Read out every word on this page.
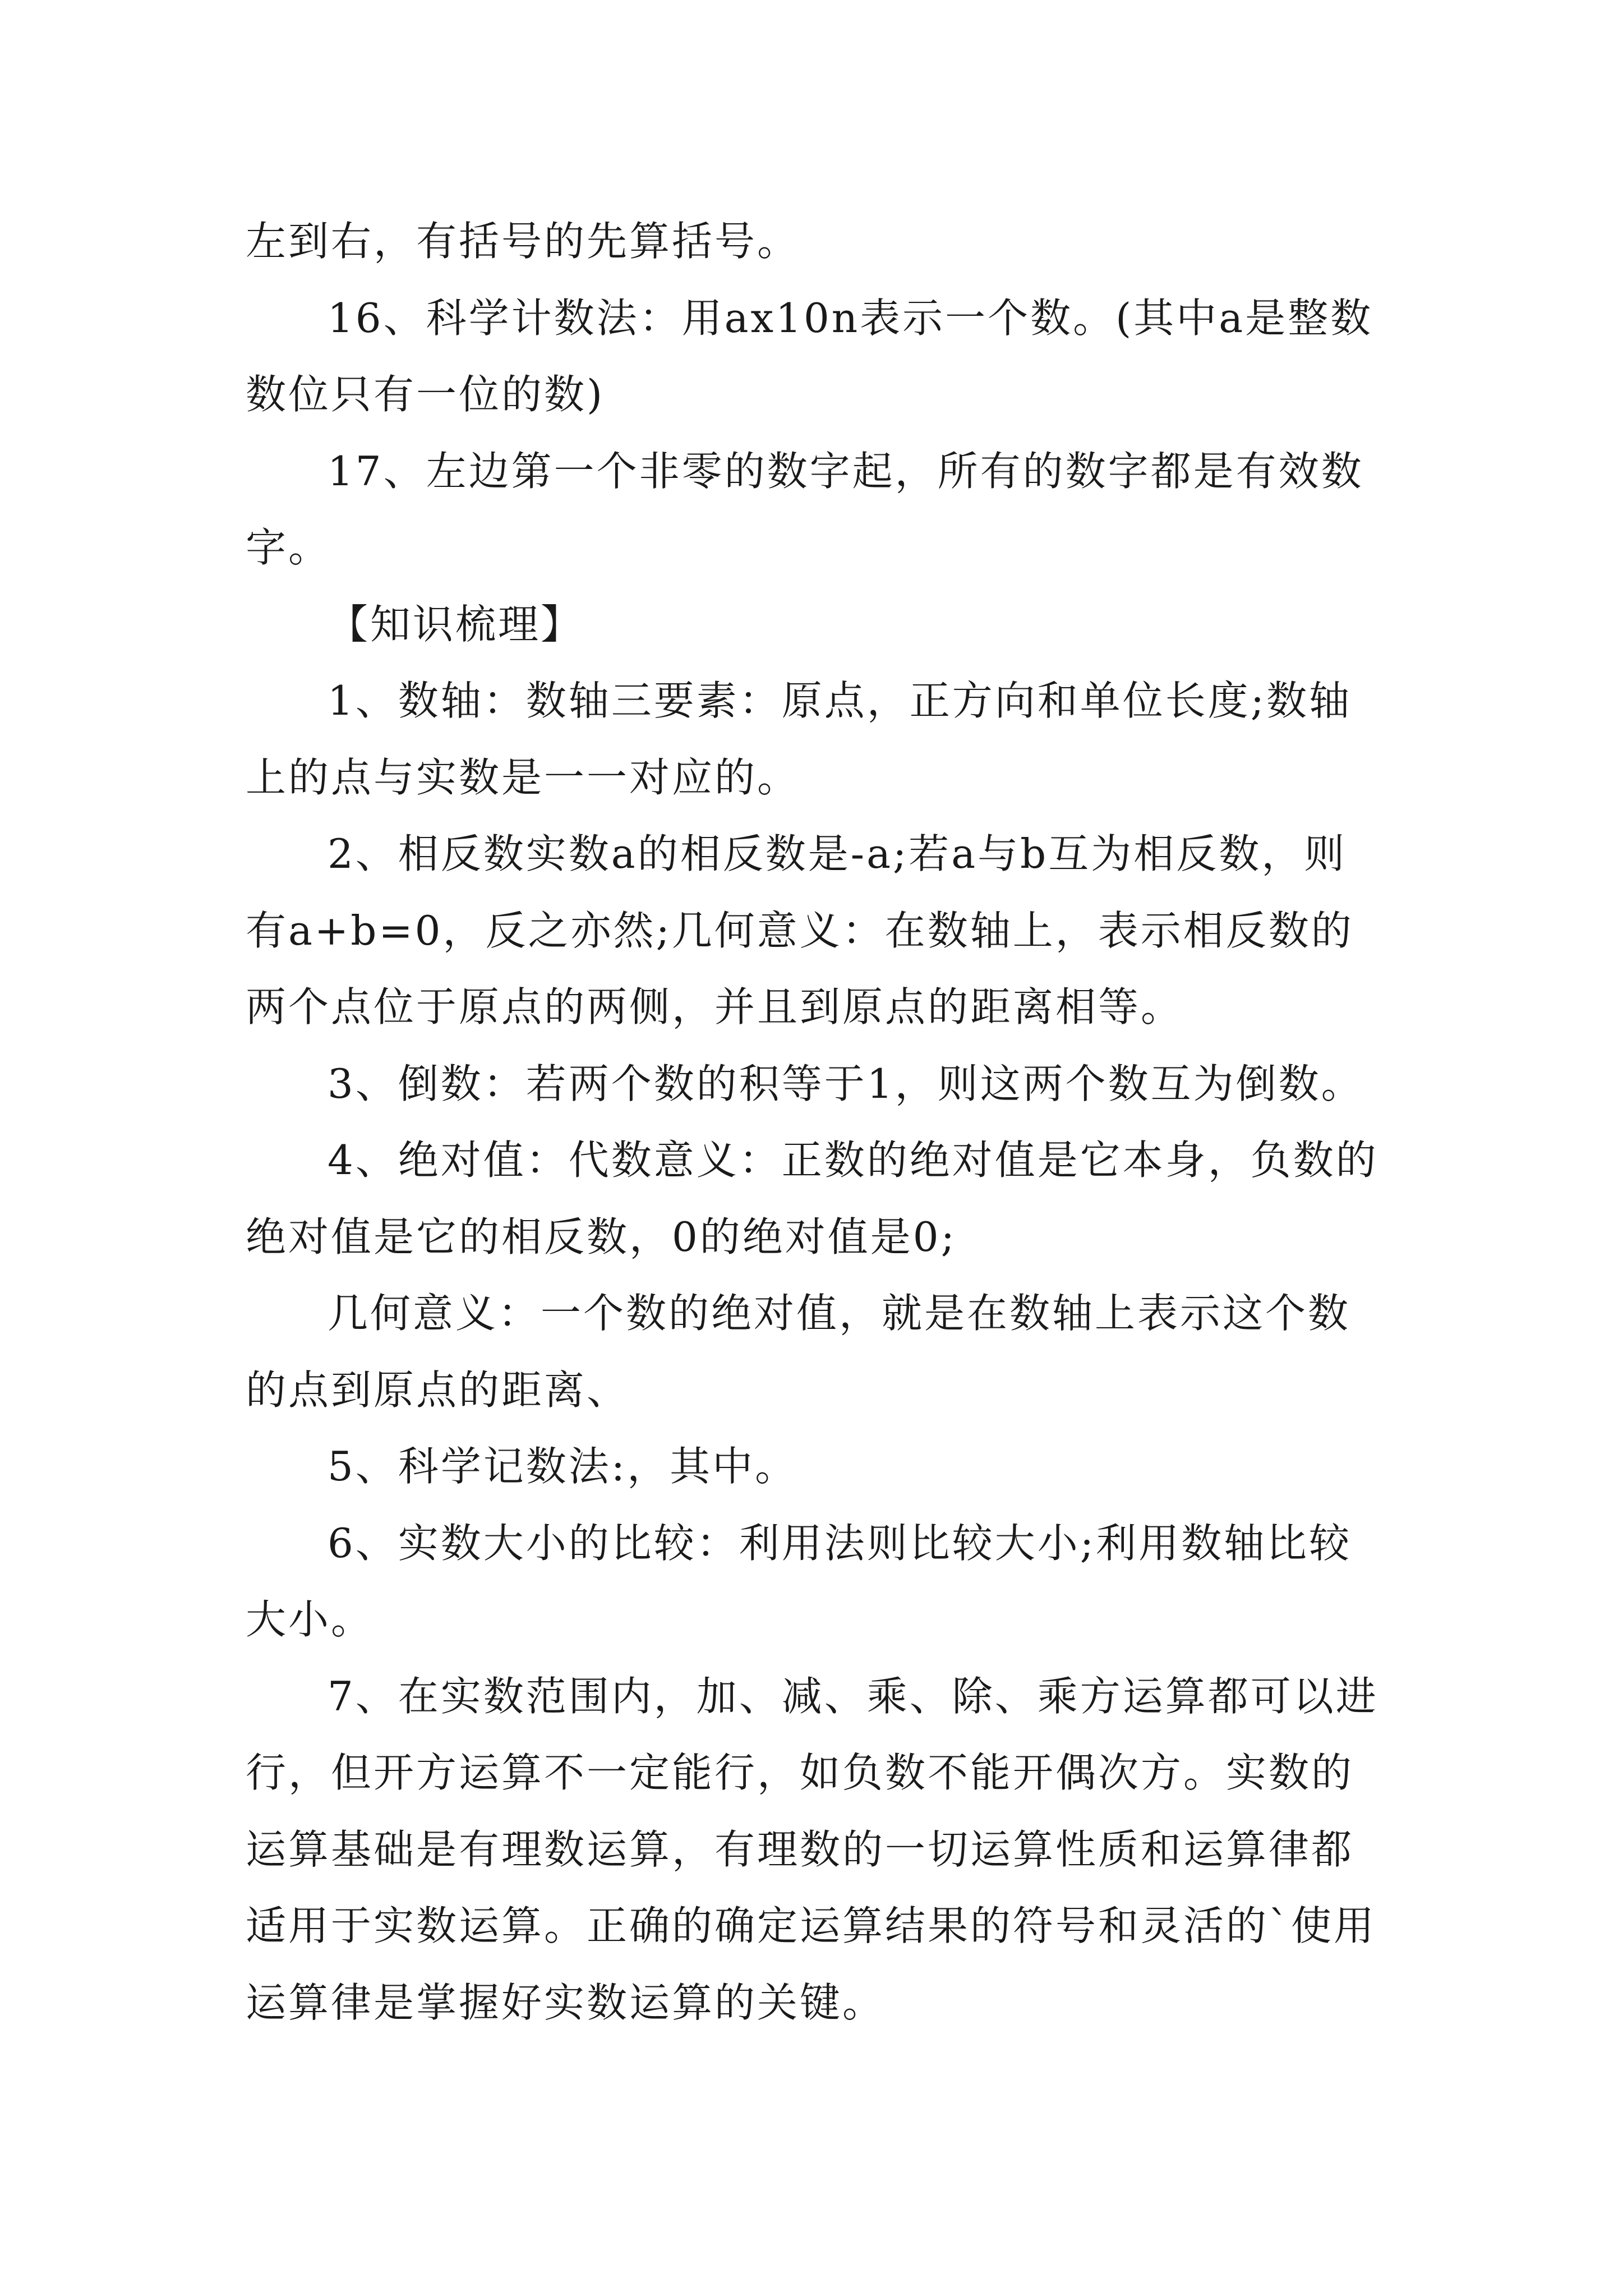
左到右，有括号的先算括号。

16、科学计数法：用ax10n表示一个数。(其中a是整数数位只有一位的数)

17、左边第一个非零的数字起，所有的数字都是有效数字。

【知识梳理】

1、数轴：数轴三要素：原点，正方向和单位长度;数轴上的点与实数是一一对应的。

2、相反数实数a的相反数是-a;若a与b互为相反数，则有a+b=0，反之亦然;几何意义：在数轴上，表示相反数的两个点位于原点的两侧，并且到原点的距离相等。

3、倒数：若两个数的积等于1，则这两个数互为倒数。

4、绝对值：代数意义：正数的绝对值是它本身，负数的绝对值是它的相反数，0的绝对值是0;

几何意义：一个数的绝对值，就是在数轴上表示这个数的点到原点的距离、

5、科学记数法:，其中。

6、实数大小的比较：利用法则比较大小;利用数轴比较大小。

7、在实数范围内，加、减、乘、除、乘方运算都可以进行，但开方运算不一定能行，如负数不能开偶次方。实数的运算基础是有理数运算，有理数的一切运算性质和运算律都适用于实数运算。正确的确定运算结果的符号和灵活的`使用运算律是掌握好实数运算的关键。
